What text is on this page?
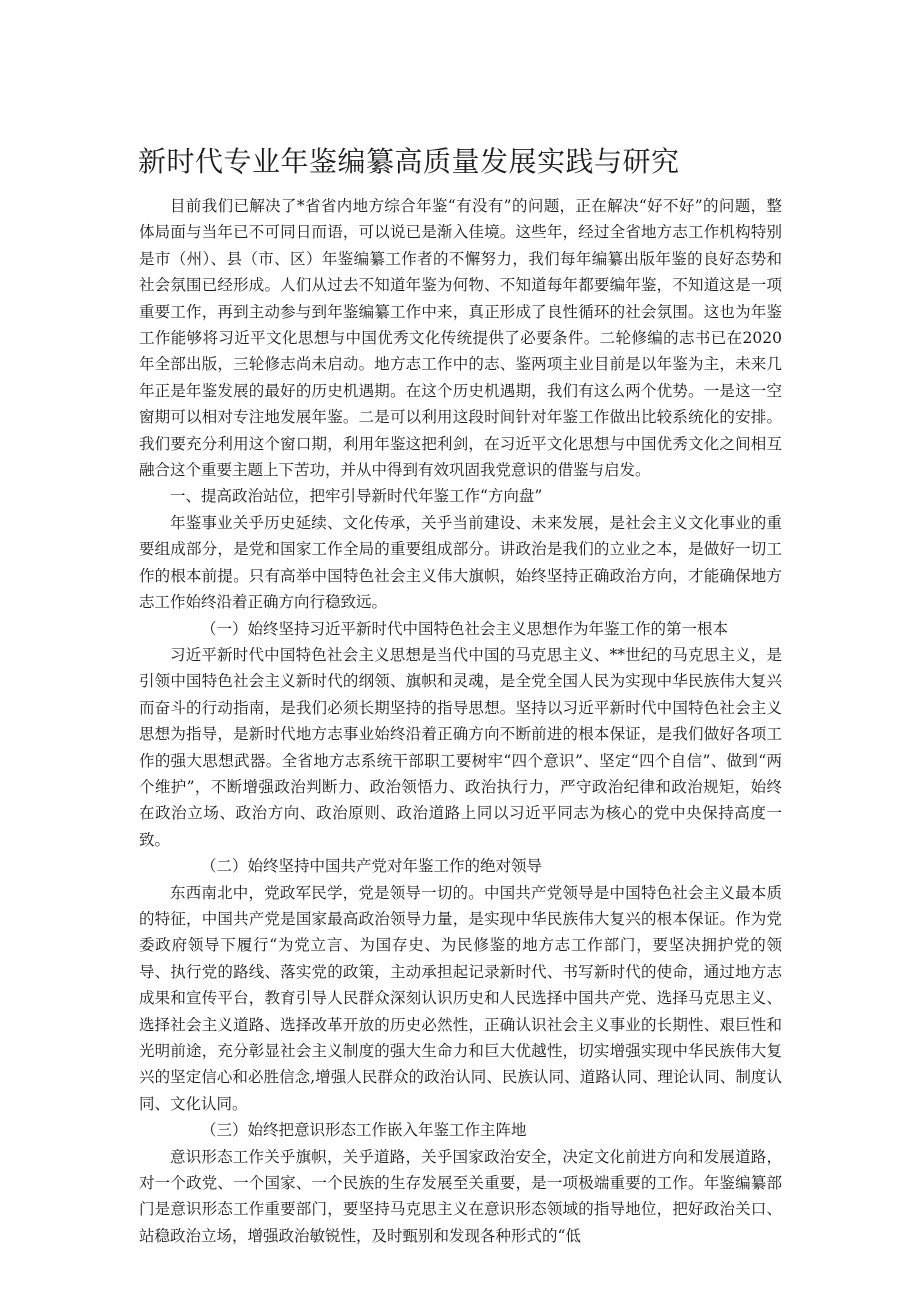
新时代专业年鉴编纂高质量发展实践与研究

目前我们已解决了*省省内地方综合年鉴“有没有”的问题，正在解决“好不好”的问题，整体局面与当年已不可同日而语，可以说已是渐入佳境。这些年，经过全省地方志工作机构特别是市（州）、县（市、区）年鉴编纂工作者的不懈努力，我们每年编纂出版年鉴的良好态势和社会氛围已经形成。人们从过去不知道年鉴为何物、不知道每年都要编年鉴，不知道这是一项重要工作，再到主动参与到年鉴编纂工作中来，真正形成了良性循环的社会氛围。这也为年鉴工作能够将习近平文化思想与中国优秀文化传统提供了必要条件。二轮修编的志书已在2020年全部出版，三轮修志尚未启动。地方志工作中的志、鉴两项主业目前是以年鉴为主，未来几年正是年鉴发展的最好的历史机遇期。在这个历史机遇期，我们有这么两个优势。一是这一空窗期可以相对专注地发展年鉴。二是可以利用这段时间针对年鉴工作做出比较系统化的安排。我们要充分利用这个窗口期，利用年鉴这把利剑，在习近平文化思想与中国优秀文化之间相互融合这个重要主题上下苦功，并从中得到有效巩固我党意识的借鉴与启发。

一、提高政治站位，把牢引导新时代年鉴工作“方向盘”

年鉴事业关乎历史延续、文化传承，关乎当前建设、未来发展，是社会主义文化事业的重要组成部分，是党和国家工作全局的重要组成部分。讲政治是我们的立业之本，是做好一切工作的根本前提。只有高举中国特色社会主义伟大旗帜，始终坚持正确政治方向，才能确保地方志工作始终沿着正确方向行稳致远。

（一）始终坚持习近平新时代中国特色社会主义思想作为年鉴工作的第一根本

习近平新时代中国特色社会主义思想是当代中国的马克思主义、**世纪的马克思主义，是引领中国特色社会主义新时代的纲领、旗帜和灵魂，是全党全国人民为实现中华民族伟大复兴而奋斗的行动指南，是我们必须长期坚持的指导思想。坚持以习近平新时代中国特色社会主义思想为指导，是新时代地方志事业始终沿着正确方向不断前进的根本保证，是我们做好各项工作的强大思想武器。全省地方志系统干部职工要树牢“四个意识”、坚定“四个自信”、做到“两个维护”，不断增强政治判断力、政治领悟力、政治执行力，严守政治纪律和政治规矩，始终在政治立场、政治方向、政治原则、政治道路上同以习近平同志为核心的党中央保持高度一致。

（二）始终坚持中国共产党对年鉴工作的绝对领导

东西南北中，党政军民学，党是领导一切的。中国共产党领导是中国特色社会主义最本质的特征，中国共产党是国家最高政治领导力量，是实现中华民族伟大复兴的根本保证。作为党委政府领导下履行“为党立言、为国存史、为民修鉴的地方志工作部门，要坚决拥护党的领导、执行党的路线、落实党的政策，主动承担起记录新时代、书写新时代的使命，通过地方志成果和宣传平台，教育引导人民群众深刻认识历史和人民选择中国共产党、选择马克思主义、选择社会主义道路、选择改革开放的历史必然性，正确认识社会主义事业的长期性、艰巨性和光明前途，充分彰显社会主义制度的强大生命力和巨大优越性，切实增强实现中华民族伟大复兴的坚定信心和必胜信念,增强人民群众的政治认同、民族认同、道路认同、理论认同、制度认同、文化认同。

（三）始终把意识形态工作嵌入年鉴工作主阵地

意识形态工作关乎旗帜，关乎道路，关乎国家政治安全，决定文化前进方向和发展道路，对一个政党、一个国家、一个民族的生存发展至关重要，是一项极端重要的工作。年鉴编纂部门是意识形态工作重要部门，要坚持马克思主义在意识形态领域的指导地位，把好政治关口、站稳政治立场，增强政治敏锐性，及时甄别和发现各种形式的“低
